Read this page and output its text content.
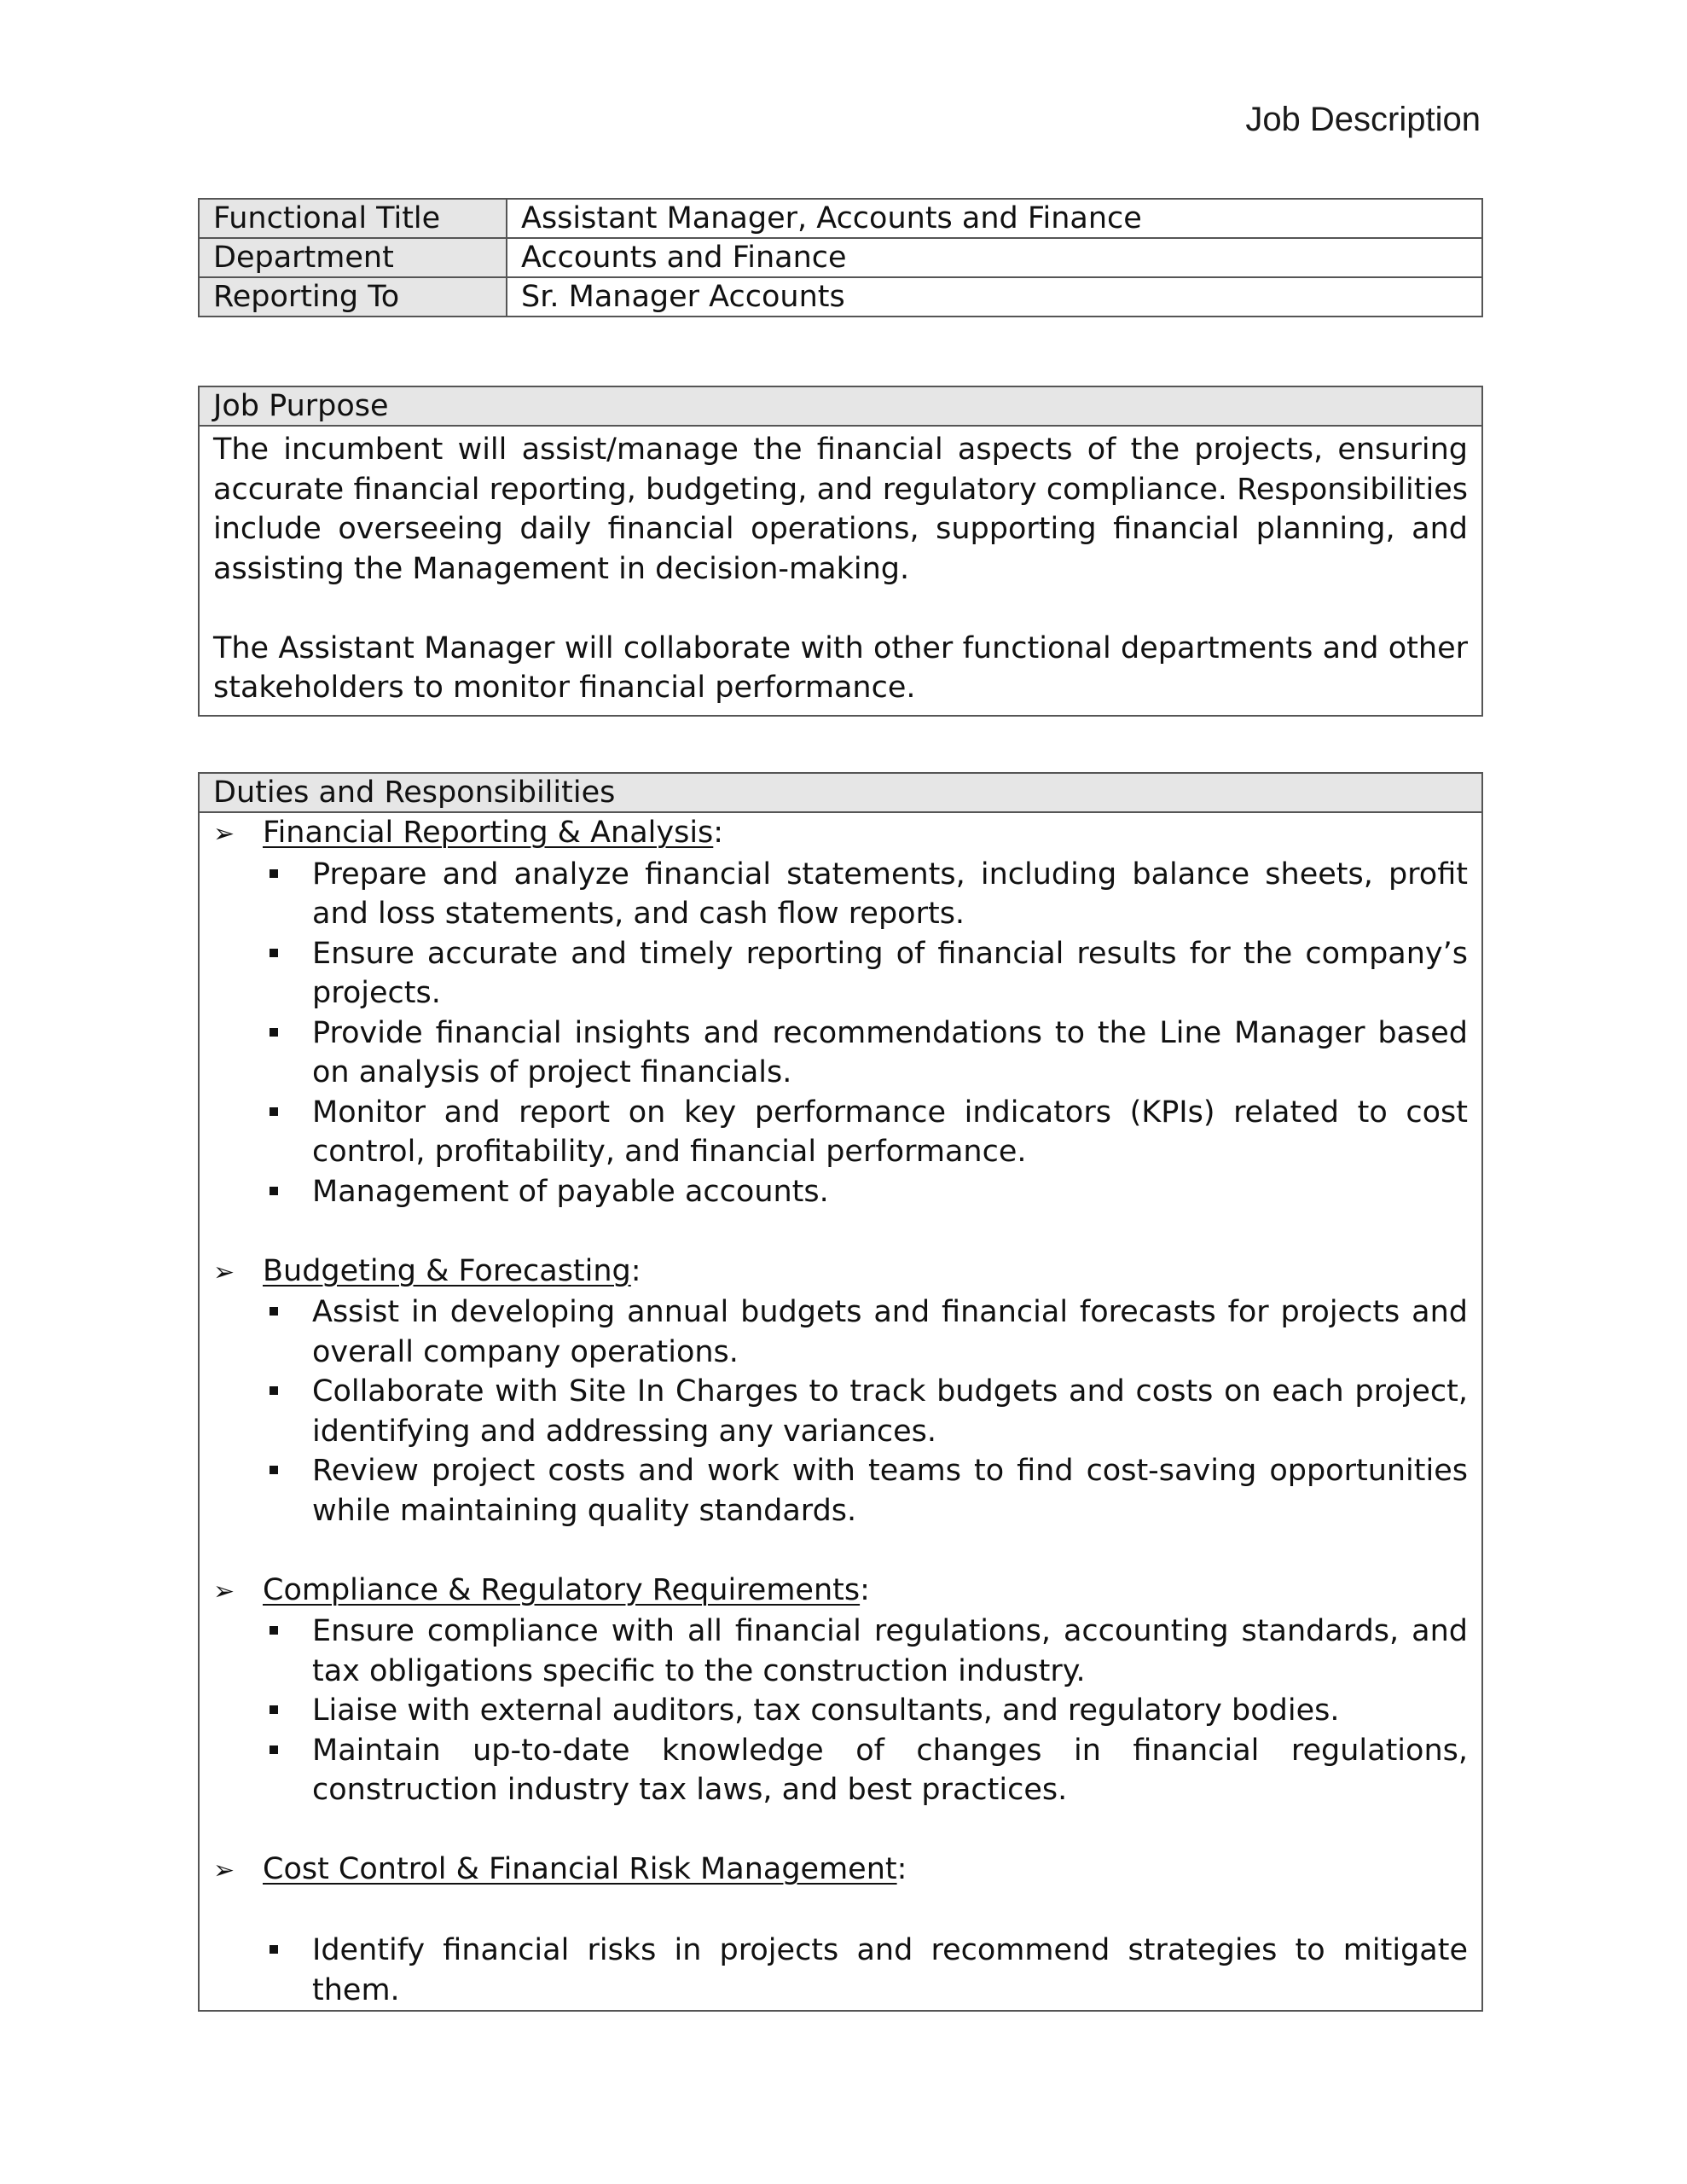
Job Description
Functional Title	Assistant Manager, Accounts and Finance
Department	Accounts and Finance
Reporting To	Sr. Manager Accounts
Job Purpose

The incumbent will assist/manage the financial aspects of the projects, ensuring accurate financial reporting, budgeting, and regulatory compliance. Responsibilities include overseeing daily financial operations, supporting financial planning, and assisting the Management in decision-making.

The Assistant Manager will collaborate with other functional departments and other stakeholders to monitor financial performance.

Duties and Responsibilities

➢ Financial Reporting & Analysis:
Prepare and analyze financial statements, including balance sheets, profit and loss statements, and cash flow reports.
Ensure accurate and timely reporting of financial results for the company’s projects.
Provide financial insights and recommendations to the Line Manager based on analysis of project financials.
Monitor and report on key performance indicators (KPIs) related to cost control, profitability, and financial performance.
Management of payable accounts.
➢ Budgeting & Forecasting:
Assist in developing annual budgets and financial forecasts for projects and overall company operations.
Collaborate with Site In Charges to track budgets and costs on each project, identifying and addressing any variances.
Review project costs and work with teams to find cost-saving opportunities while maintaining quality standards.
➢ Compliance & Regulatory Requirements:
Ensure compliance with all financial regulations, accounting standards, and tax obligations specific to the construction industry.
Liaise with external auditors, tax consultants, and regulatory bodies.
Maintain up-to-date knowledge of changes in financial regulations, construction industry tax laws, and best practices.
➢ Cost Control & Financial Risk Management:
Identify financial risks in projects and recommend strategies to mitigate them.
